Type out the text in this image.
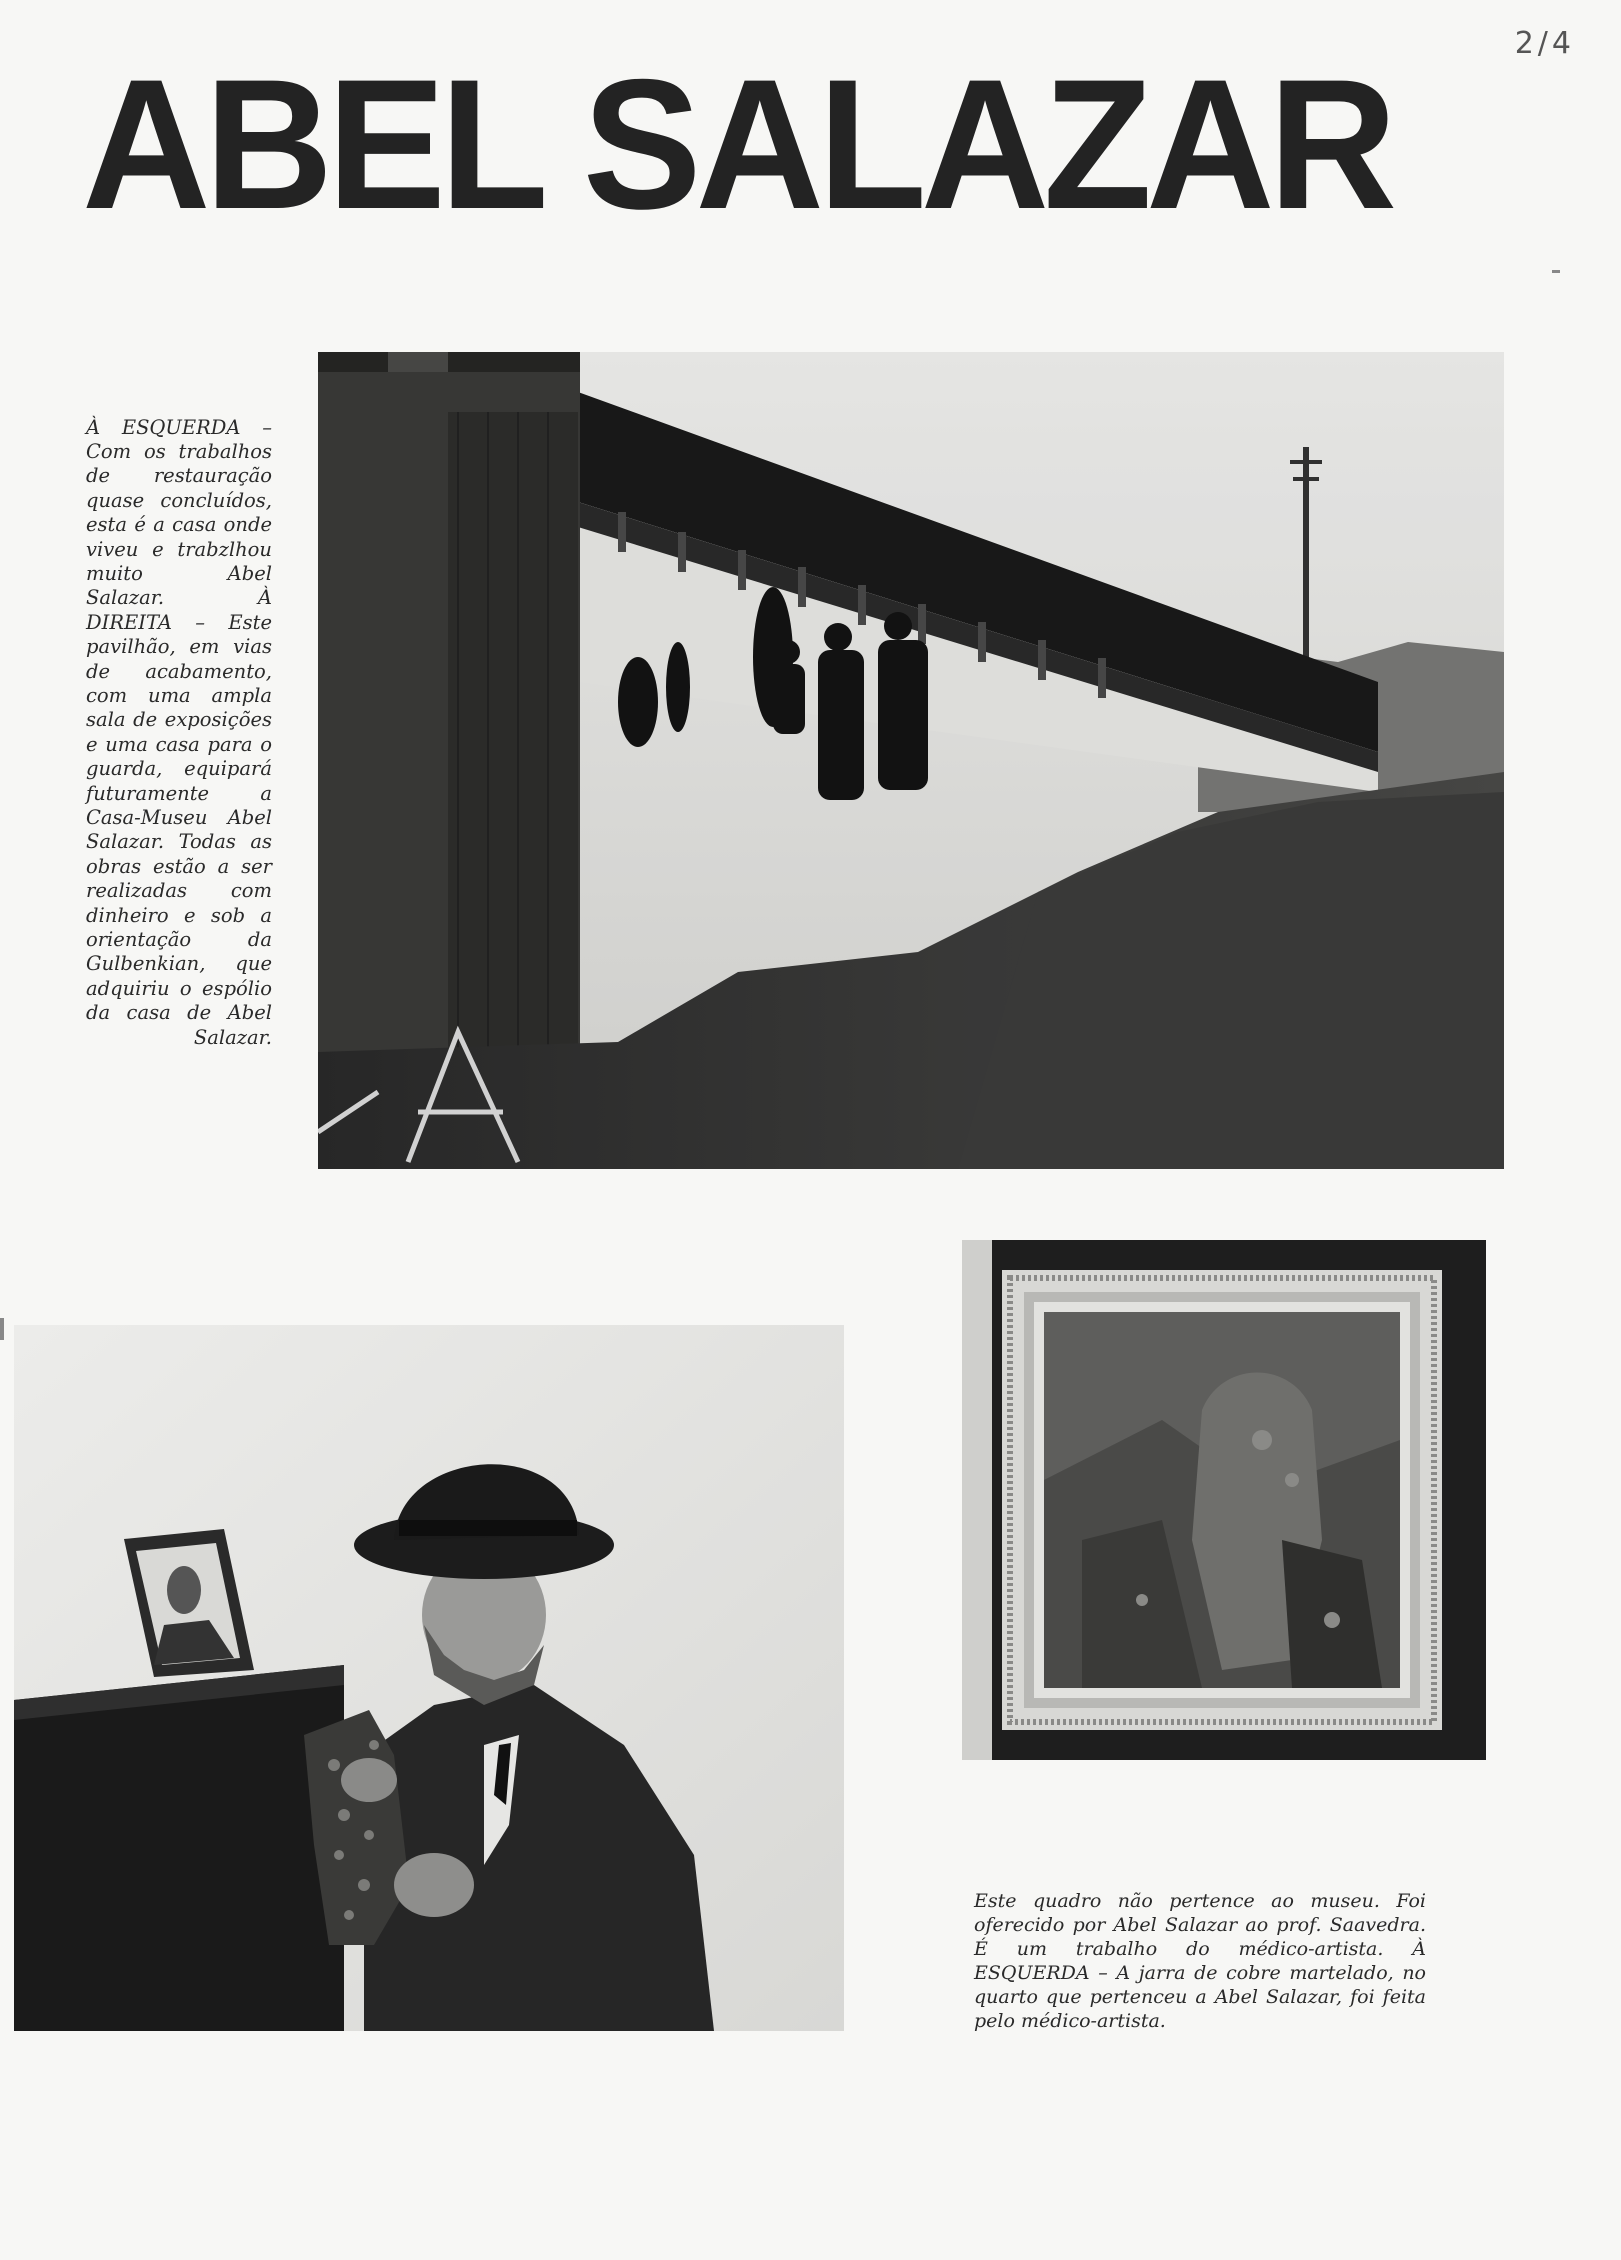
2/4
ABEL SALAZAR

À ESQUERDA – Com os trabalhos de restauração quase concluídos, esta é a casa onde viveu e trabzlhou muito Abel Salazar. À DIREITA – Este pavilhão, em vias de acabamento, com uma ampla sala de exposições e uma casa para o guarda, equipará futuramente a Casa-Museu Abel Salazar. Todas as obras estão a ser realizadas com dinheiro e sob a orientação da Gulbenkian, que adquiriu o espólio da casa de Abel Salazar.

Este quadro não pertence ao museu. Foi oferecido por Abel Salazar ao prof. Saavedra. É um trabalho do médico-artista. À ESQUERDA – A jarra de cobre martelado, no quarto que pertenceu a Abel Salazar, foi feita pelo médico-artista.
